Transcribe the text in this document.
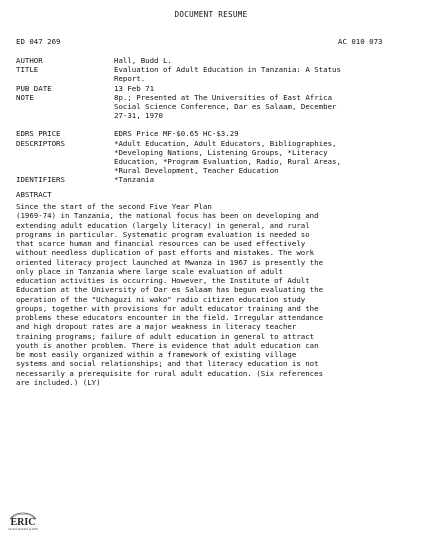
DOCUMENT RESUME
ED 047 269	AC 010 073
AUTHOR	Hall, Budd L.
TITLE	Evaluation of Adult Education in Tanzania: A Status
Report.
PUB DATE	13 Feb 71
NOTE	8p.; Presented at The Universities of East Africa
Social Science Conference, Dar es Salaam, December
27-31, 1970
EDRS PRICE	EDRS Price MF-$0.65 HC-$3.29
DESCRIPTORS	*Adult Education, Adult Educators, Bibliographies,
*Developing Nations, Listening Groups, *Literacy
Education, *Program Evaluation, Radio, Rural Areas,
*Rural Development, Teacher Education
IDENTIFIERS	*Tanzania
ABSTRACT
Since the start of the second Five Year Plan
(1969-74) in Tanzania, the national focus has been on developing and
extending adult education (largely literacy) in general, and rural
programs in particular. Systematic program evaluation is needed so
that scarce human and financial resources can be used effectively
without needless duplication of past efforts and mistakes. The work
oriented literacy project launched at Mwanza in 1967 is presently the
only place in Tanzania where large scale evaluation of adult
education activities is occurring. However, the Institute of Adult
Education at the University of Dar es Salaam has begun evaluating the
operation of the "Uchaguzi ni wako" radio citizen education study
groups, together with provisions for adult educator training and the
problems these educators encounter in the field. Irregular attendance
and high dropout rates are a major weakness in literacy teacher
training programs; failure of adult education in general to attract
youth is another problem. There is evidence that adult education can
be most easily organized within a framework of existing village
systems and social relationships; and that literacy education is not
necessarily a prerequisite for rural adult education. (Six references
are included.) (LY)
ERIC
Full Text Provided by ERIC
